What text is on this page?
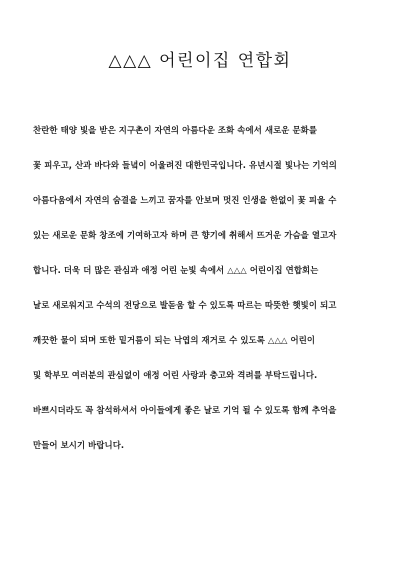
△△△ 어린이집 연합회
찬란한 태양 빛을 받은 지구촌이 자연의 아름다운 조화 속에서 새로운 문화를
꽃 피우고, 산과 바다와 들녘이 어울려진 대한민국입니다. 유년시절 빛나는 기억의
아름다움에서 자연의 숨결을 느끼고 꿈자를 안보며 멋진 인생을 한없이 꽃 피울 수
있는 새로운 문화 창조에 기여하고자 하며 큰 향기에 취해서 뜨거운 가슴을 열고자
합니다. 더욱 더 많은 관심과 애정 어린 눈빛 속에서 △△△ 어린이집 연합회는
날로 새로워지고 수석의 전당으로 발돋움 할 수 있도록 따르는 따뜻한 햇빛이 되고
깨끗한 물이 되며 또한 밑거름이 되는 낙엽의 재거로 수 있도록 △△△ 어린이
및 학부모 여러분의 관심없이 애정 어린 사랑과 충고와 격려를 부탁드립니다.
바쁘시더라도 꼭 참석하셔서 아이들에게 좋은 날로 기억 될 수 있도록 함께 추억을
만들어 보시기 바랍니다.
